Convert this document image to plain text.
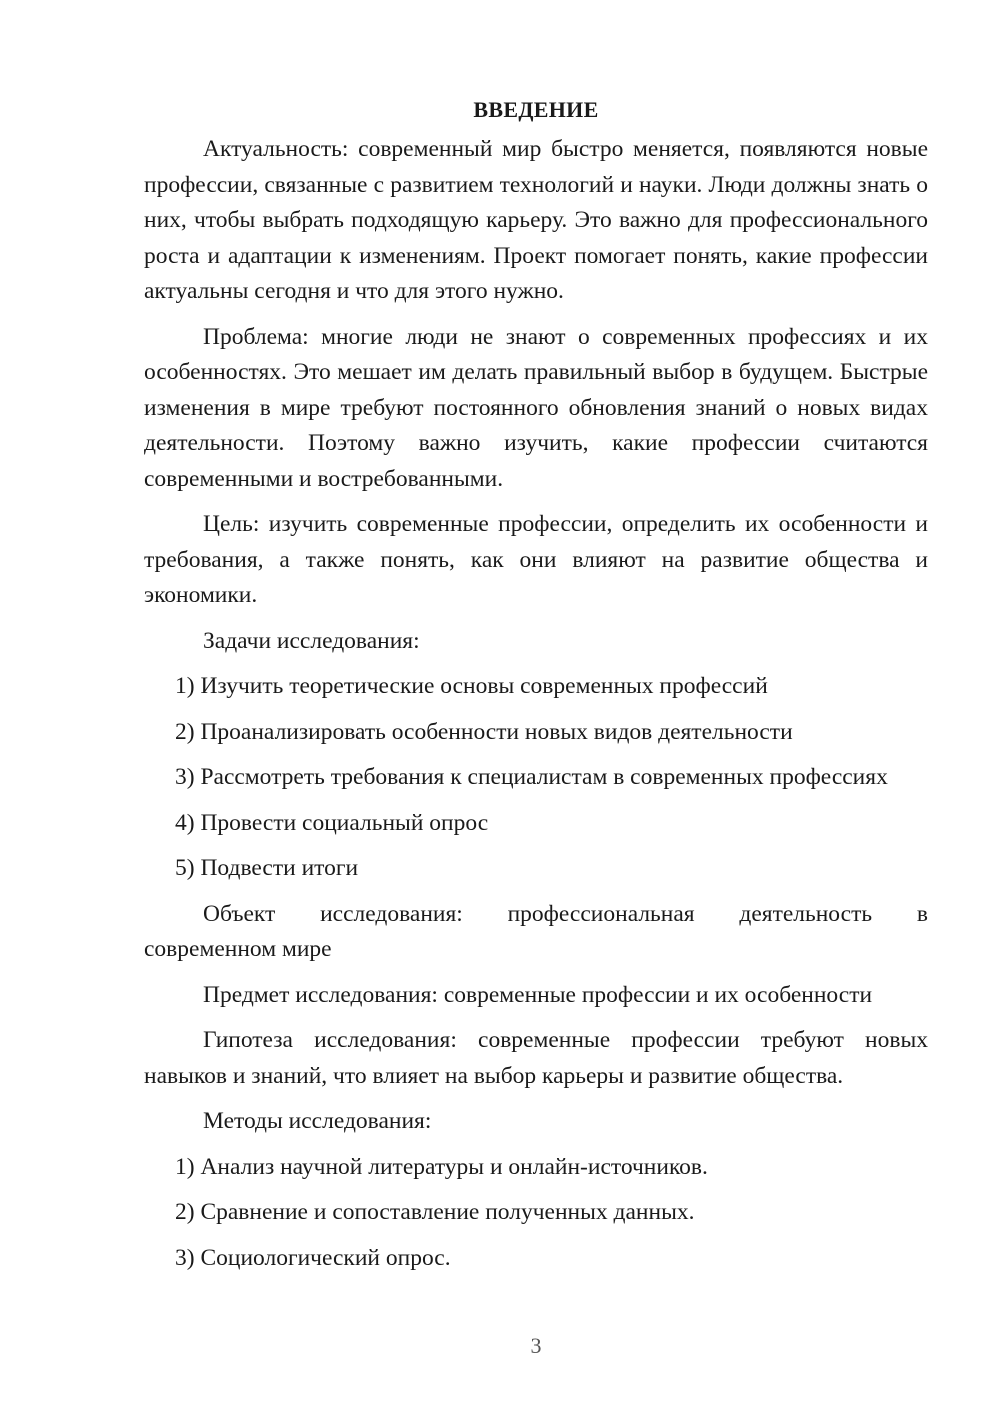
ВВЕДЕНИЕ
Актуальность: современный мир быстро меняется, появляются новые профессии, связанные с развитием технологий и науки. Люди должны знать о них, чтобы выбрать подходящую карьеру. Это важно для профессионального роста и адаптации к изменениям. Проект помогает понять, какие профессии актуальны сегодня и что для этого нужно.
Проблема: многие люди не знают о современных профессиях и их особенностях. Это мешает им делать правильный выбор в будущем. Быстрые изменения в мире требуют постоянного обновления знаний о новых видах деятельности. Поэтому важно изучить, какие профессии считаются современными и востребованными.
Цель: изучить современные профессии, определить их особенности и требования, а также понять, как они влияют на развитие общества и экономики.
Задачи исследования:
1) Изучить теоретические основы современных профессий
2) Проанализировать особенности новых видов деятельности
3) Рассмотреть требования к специалистам в современных профессиях
4) Провести социальный опрос
5) Подвести итоги
Объект исследования: профессиональная деятельность в
современном мире
Предмет исследования: современные профессии и их особенности
Гипотеза исследования: современные профессии требуют новых навыков и знаний, что влияет на выбор карьеры и развитие общества.
Методы исследования:
1) Анализ научной литературы и онлайн-источников.
2) Сравнение и сопоставление полученных данных.
3) Социологический опрос.
3
